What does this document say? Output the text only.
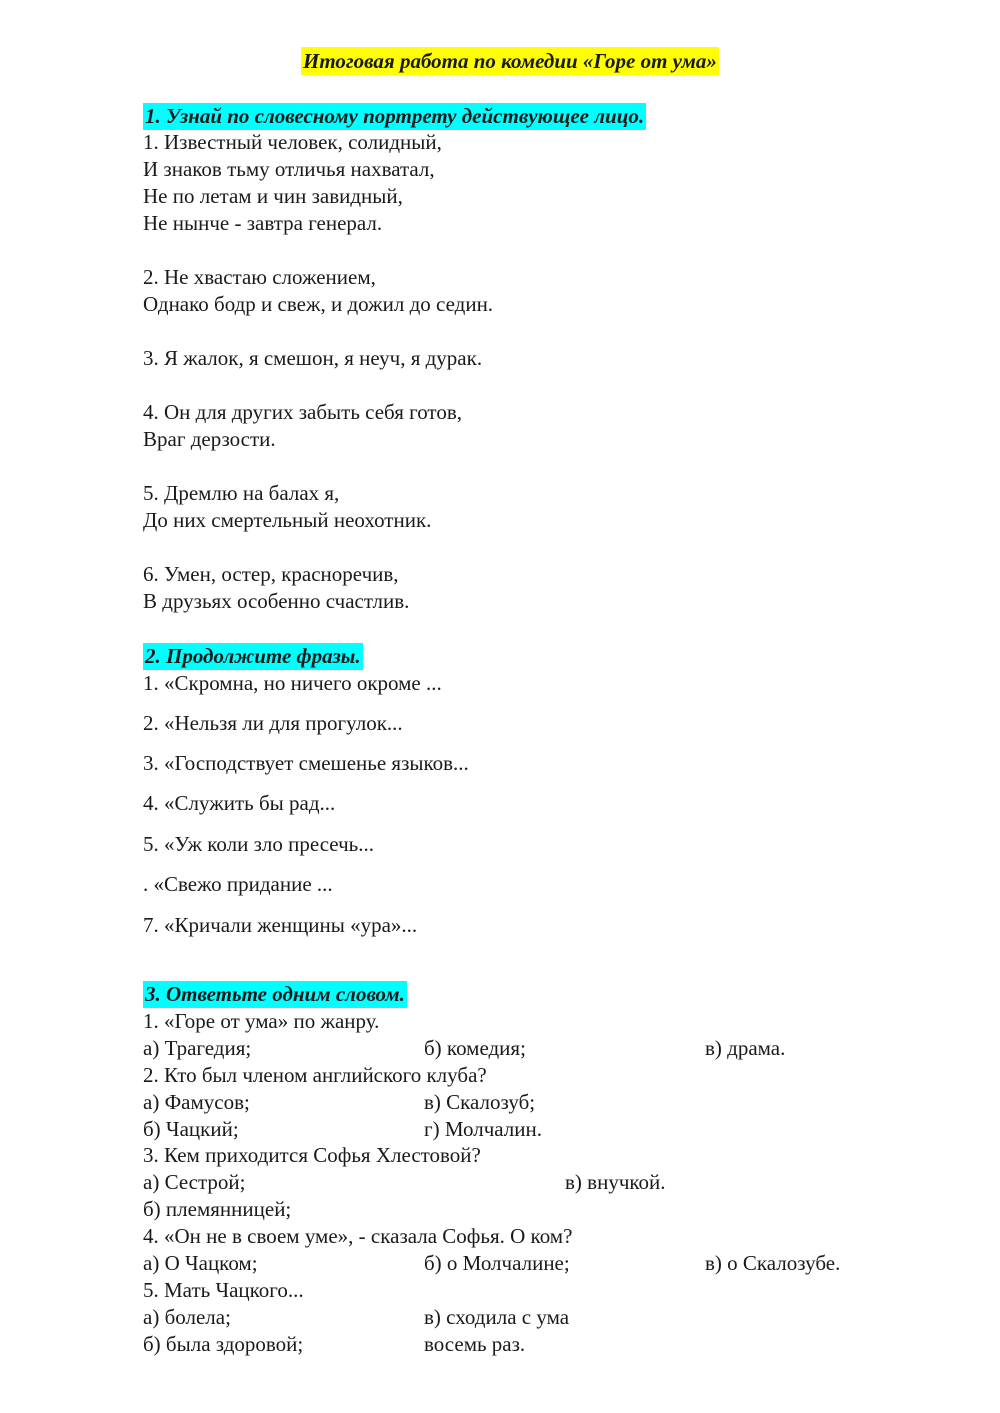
Итоговая работа по комедии «Горе от ума»
1. Узнай по словесному портрету действующее лицо.
1. Известный человек, солидный,
И знаков тьму отличья нахватал,
Не по летам и чин завидный,
Не нынче - завтра генерал.
2. Не хвастаю сложением,
Однако бодр и свеж, и дожил до седин.
3. Я жалок, я смешон, я неуч, я дурак.
4. Он для других забыть себя готов,
Враг дерзости.
5. Дремлю на балах я,
До них смертельный неохотник.
6. Умен, остер, красноречив,
В друзьях особенно счастлив.
2. Продолжите фразы.
1. «Скромна, но ничего окроме ...
2. «Нельзя ли для прогулок...
3. «Господствует смешенье языков...
4. «Служить бы рад...
5. «Уж коли зло пресечь...
. «Свежо придание ...
7. «Кричали женщины «ура»...
3. Ответьте одним словом.
1. «Горе от ума» по жанру.
а) Трагедия;	б) комедия;	в) драма.
2. Кто был членом английского клуба?
а) Фамусов;	в) Скалозуб;
б) Чацкий;	г) Молчалин.
3. Кем приходится Софья Хлестовой?
а) Сестрой;	в) внучкой.
б) племянницей;
4. «Он не в своем уме», - сказала Софья. О ком?
а) О Чацком;	б) о Молчалине;	в) о Скалозубе.
5. Мать Чацкого...
а) болела;	в) сходила с ума
б) была здоровой;	восемь раз.
